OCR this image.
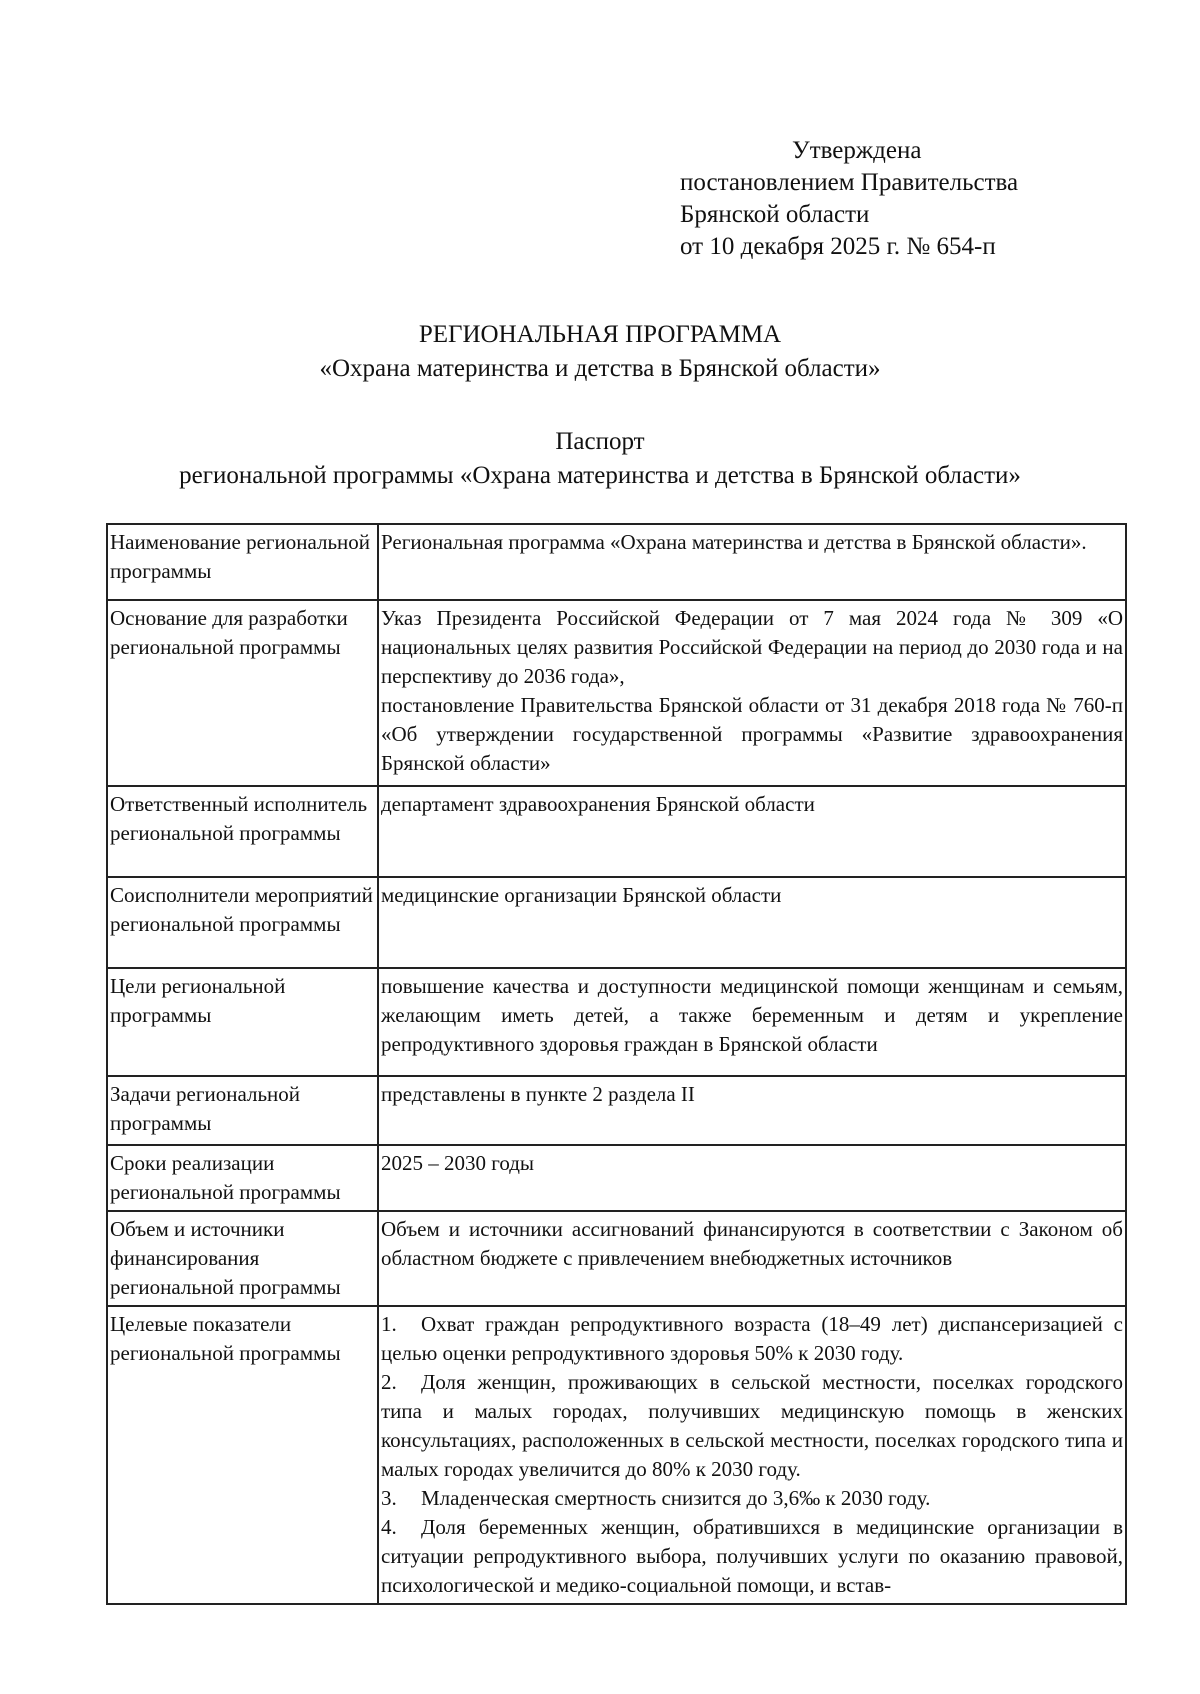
Утверждена
постановлением Правительства
Брянской области
от 10 декабря 2025 г. № 654-п
РЕГИОНАЛЬНАЯ ПРОГРАММА
«Охрана материнства и детства в Брянской области»
Паспорт
региональной программы «Охрана материнства и детства в Брянской области»
Наименование региональной программы	Региональная программа «Охрана материнства и детства в Брянской области».
Основание для разработки региональной программы	Указ Президента Российской Федерации от 7 мая 2024 года № 309 «О национальных целях развития Российской Федерации на период до 2030 года и на перспективу до 2036 года»,
постановление Правительства Брянской области от 31 декабря 2018 года № 760-п «Об утверждении государственной программы «Развитие здравоохранения Брянской области»

Ответственный исполнитель региональной программы	департамент здравоохранения Брянской области
Соисполнители мероприятий региональной программы	медицинские организации Брянской области
Цели региональной программы	повышение качества и доступности медицинской помощи женщинам и семьям, желающим иметь детей, а также беременным и детям и укрепление репродуктивного здоровья граждан в Брянской области
Задачи региональной программы	представлены в пункте 2 раздела II
Сроки реализации региональной программы	2025 – 2030 годы
Объем и источники финансирования региональной программы	Объем и источники ассигнований финансируются в соответствии с Законом об областном бюджете с привлечением внебюджетных источников
Целевые показатели региональной программы	1. Охват граждан репродуктивного возраста (18–49 лет) диспансеризацией с целью оценки репродуктивного здоровья 50% к 2030 году.
2. Доля женщин, проживающих в сельской местности, поселках городского типа и малых городах, получивших медицинскую помощь в женских консультациях, расположенных в сельской местности, поселках городского типа и малых городах увеличится до 80% к 2030 году.
3. Младенческая смертность снизится до 3,6‰ к 2030 году.
4. Доля беременных женщин, обратившихся в медицинские организации в ситуации репродуктивного выбора, получивших услуги по оказанию правовой, психологической и медико-социальной помощи, и встав-
